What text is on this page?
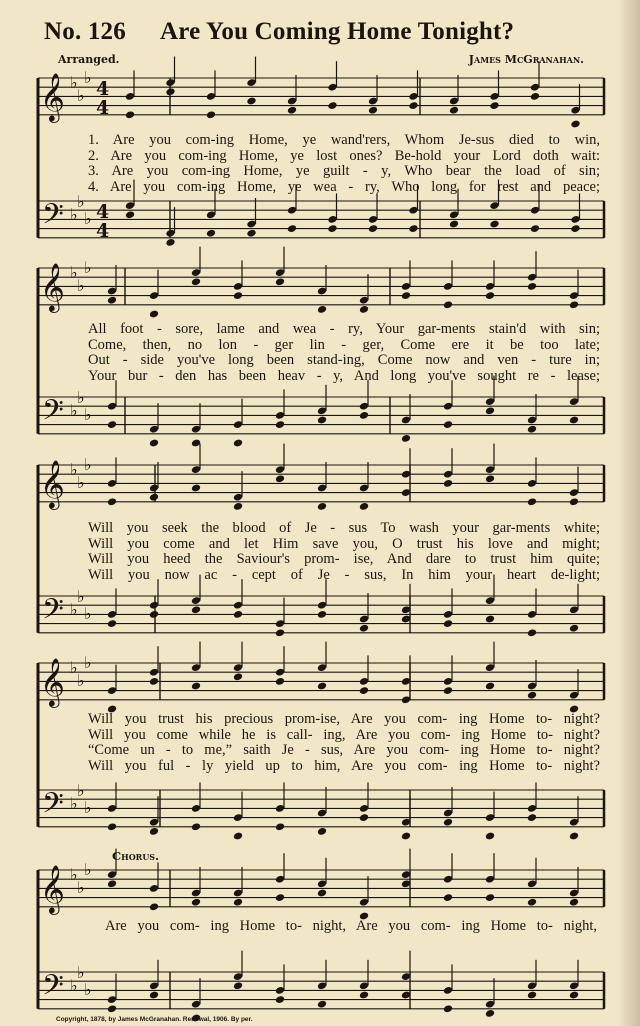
No. 126 Are You Coming Home Tonight?
Arranged.	James McGranahan.
𝄞 ♭
♭
♭
4
4
𝄢 ♭
♭
♭ 4
4
𝄞 ♭
♭
♭
𝄢 ♭
♭
♭
𝄞 ♭
♭
♭
𝄢 ♭
♭
♭
𝄞 ♭
♭
♭
𝄢 ♭
♭
♭
𝄞 ♭
♭
♭
𝄢 ♭
♭
♭
1. Are you com-ing Home, ye wand'rers, Whom Je-sus died to win,
2. Are you com-ing Home, ye lost ones? Be-hold your Lord doth wait:
3. Are you com-ing Home, ye guilt - y, Who bear the load of sin;
4. Are you com-ing Home, ye wea - ry, Who long for rest and peace;
All foot - sore, lame and wea - ry, Your gar-ments stain'd with sin;
Come, then, no lon - ger lin - ger, Come ere it be too late;
Out - side you've long been stand-ing, Come now and ven - ture in;
Your bur - den has been heav - y, And long you've sought re - lease;
Will you seek the blood of Je - sus To wash your gar-ments white;
Will you come and let Him save you, O trust his love and might;
Will you heed the Saviour's prom- ise, And dare to trust him quite;
Will you now ac - cept of Je - sus, In him your heart de-light;
Will you trust his precious prom-ise, Are you com- ing Home to- night?
Will you come while he is call- ing, Are you com- ing Home to- night?
“Come un - to me,” saith Je - sus, Are you com- ing Home to- night?
Will you ful - ly yield up to him, Are you com- ing Home to- night?
Chorus.
Are you com- ing Home to- night, Are you com- ing Home to- night,
Copyright, 1878, by James McGranahan. Renewal, 1906. By per.
